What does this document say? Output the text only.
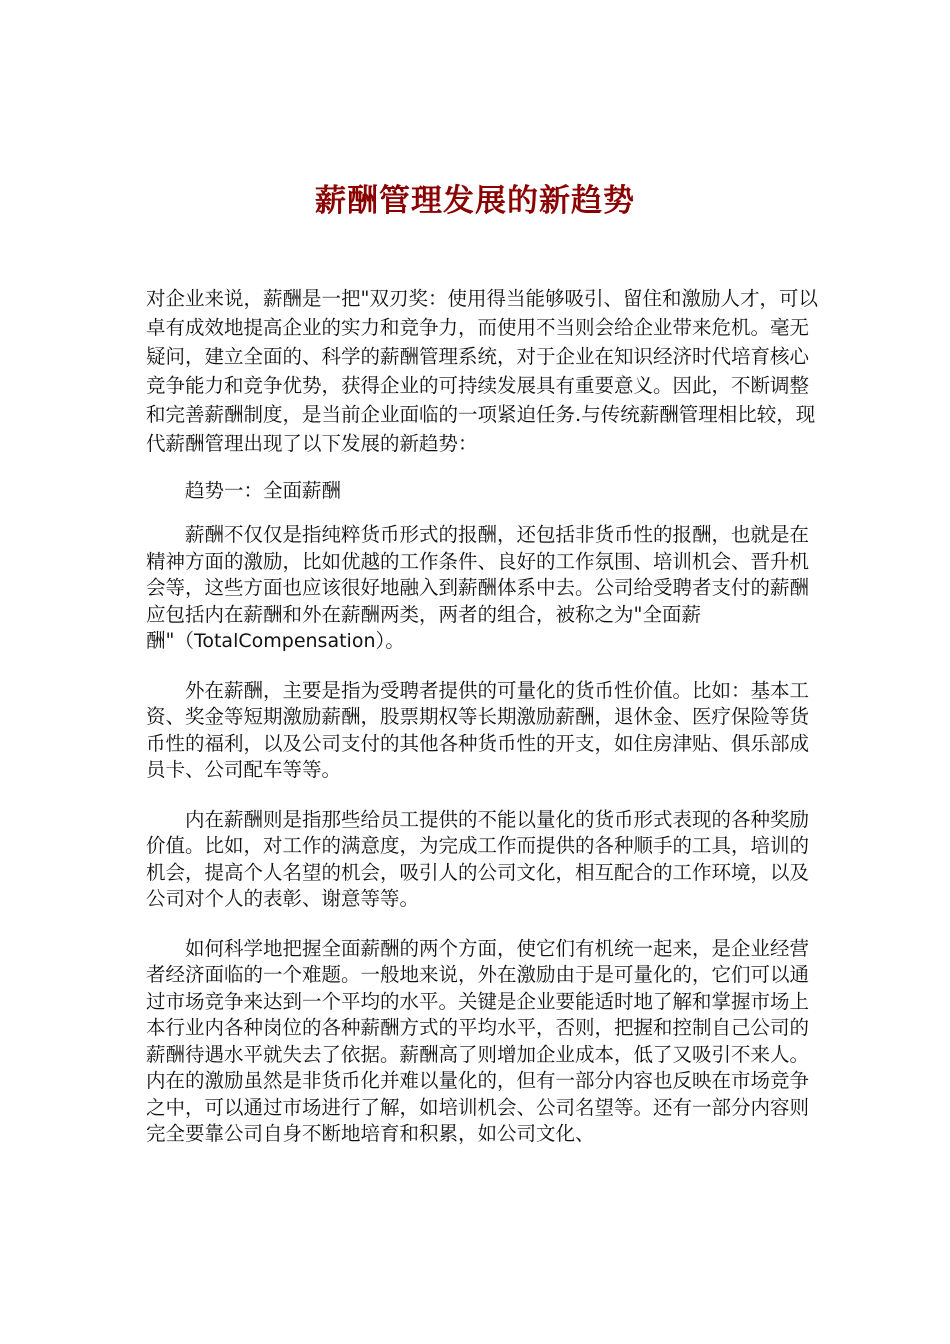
薪酬管理发展的新趋势

对企业来说，薪酬是一把"双刃奖：使用得当能够吸引、留住和激励人才，可以卓有成效地提高企业的实力和竞争力，而使用不当则会给企业带来危机。毫无疑问，建立全面的、科学的薪酬管理系统，对于企业在知识经济时代培育核心竞争能力和竞争优势，获得企业的可持续发展具有重要意义。因此，不断调整和完善薪酬制度，是当前企业面临的一项紧迫任务.与传统薪酬管理相比较，现代薪酬管理出现了以下发展的新趋势：

趋势一：全面薪酬

薪酬不仅仅是指纯粹货币形式的报酬，还包括非货币性的报酬，也就是在精神方面的激励，比如优越的工作条件、良好的工作氛围、培训机会、晋升机会等，这些方面也应该很好地融入到薪酬体系中去。公司给受聘者支付的薪酬应包括内在薪酬和外在薪酬两类，两者的组合，被称之为"全面薪酬"（TotalCompensation）。

外在薪酬，主要是指为受聘者提供的可量化的货币性价值。比如：基本工资、奖金等短期激励薪酬，股票期权等长期激励薪酬，退休金、医疗保险等货币性的福利，以及公司支付的其他各种货币性的开支，如住房津贴、俱乐部成员卡、公司配车等等。

内在薪酬则是指那些给员工提供的不能以量化的货币形式表现的各种奖励价值。比如，对工作的满意度，为完成工作而提供的各种顺手的工具，培训的机会，提高个人名望的机会，吸引人的公司文化，相互配合的工作环境，以及公司对个人的表彰、谢意等等。

如何科学地把握全面薪酬的两个方面，使它们有机统一起来，是企业经营者经济面临的一个难题。一般地来说，外在激励由于是可量化的，它们可以通过市场竞争来达到一个平均的水平。关键是企业要能适时地了解和掌握市场上本行业内各种岗位的各种薪酬方式的平均水平，否则，把握和控制自己公司的薪酬待遇水平就失去了依据。薪酬高了则增加企业成本，低了又吸引不来人。内在的激励虽然是非货币化并难以量化的，但有一部分内容也反映在市场竞争之中，可以通过市场进行了解，如培训机会、公司名望等。还有一部分内容则完全要靠公司自身不断地培育和积累，如公司文化、
